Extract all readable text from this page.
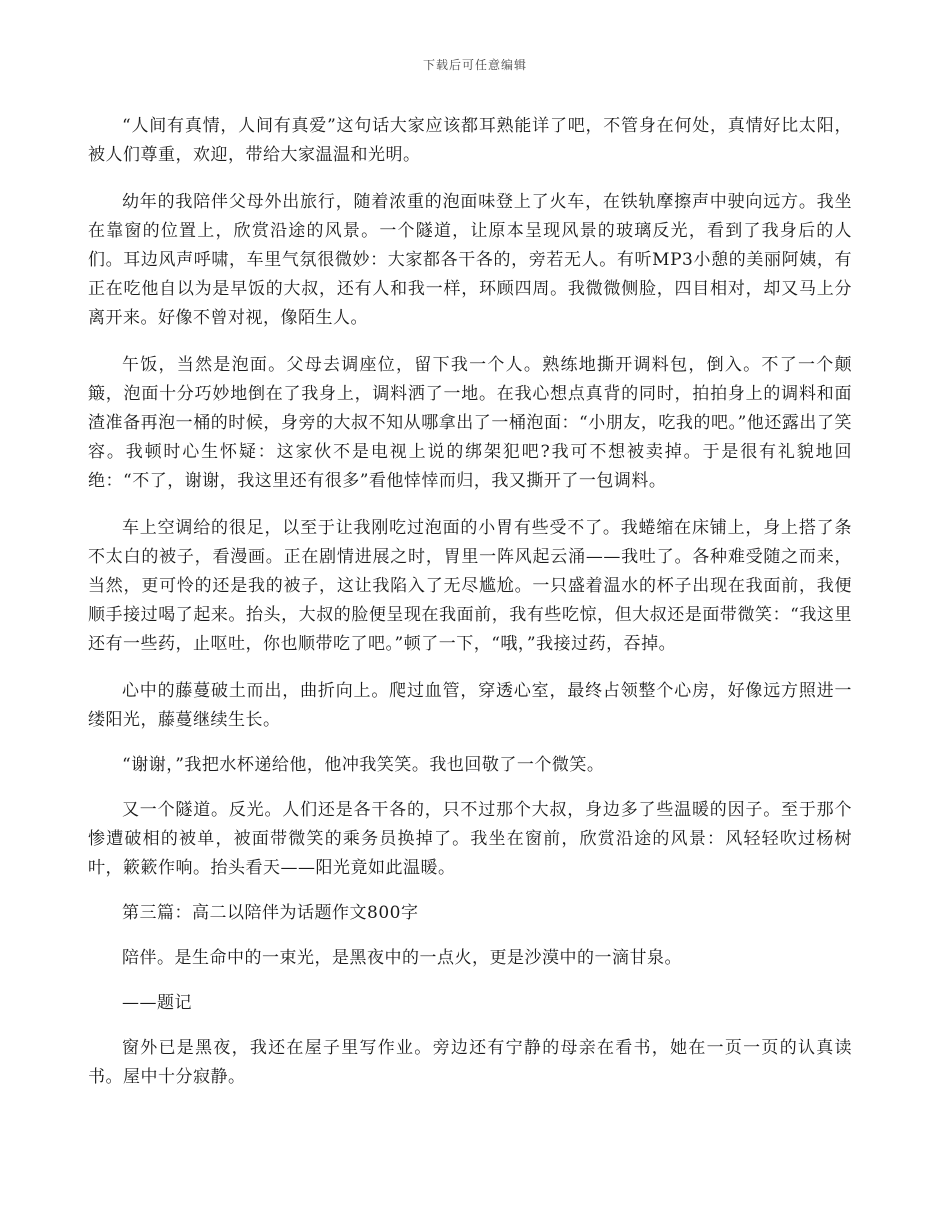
下载后可任意编辑

“人间有真情，人间有真爱”这句话大家应该都耳熟能详了吧，不管身在何处，真情好比太阳，被人们尊重，欢迎，带给大家温温和光明。

幼年的我陪伴父母外出旅行，随着浓重的泡面味登上了火车，在铁轨摩擦声中驶向远方。我坐在靠窗的位置上，欣赏沿途的风景。一个隧道，让原本呈现风景的玻璃反光，看到了我身后的人们。耳边风声呼啸，车里气氛很微妙：大家都各干各的，旁若无人。有听MP3小憩的美丽阿姨，有正在吃他自以为是早饭的大叔，还有人和我一样，环顾四周。我微微侧脸，四目相对，却又马上分离开来。好像不曾对视，像陌生人。

午饭，当然是泡面。父母去调座位，留下我一个人。熟练地撕开调料包，倒入。不了一个颠簸，泡面十分巧妙地倒在了我身上，调料洒了一地。在我心想点真背的同时，拍拍身上的调料和面渣准备再泡一桶的时候，身旁的大叔不知从哪拿出了一桶泡面：“小朋友，吃我的吧。”他还露出了笑容。我顿时心生怀疑：这家伙不是电视上说的绑架犯吧?我可不想被卖掉。于是很有礼貌地回绝：“不了，谢谢，我这里还有很多”看他悻悻而归，我又撕开了一包调料。

车上空调给的很足，以至于让我刚吃过泡面的小胃有些受不了。我蜷缩在床铺上，身上搭了条不太白的被子，看漫画。正在剧情进展之时，胃里一阵风起云涌——我吐了。各种难受随之而来，当然，更可怜的还是我的被子，这让我陷入了无尽尴尬。一只盛着温水的杯子出现在我面前，我便顺手接过喝了起来。抬头，大叔的脸便呈现在我面前，我有些吃惊，但大叔还是面带微笑：“我这里还有一些药，止呕吐，你也顺带吃了吧。”顿了一下，“哦，”我接过药，吞掉。

心中的藤蔓破土而出，曲折向上。爬过血管，穿透心室，最终占领整个心房，好像远方照进一缕阳光，藤蔓继续生长。

“谢谢，”我把水杯递给他，他冲我笑笑。我也回敬了一个微笑。

又一个隧道。反光。人们还是各干各的，只不过那个大叔，身边多了些温暖的因子。至于那个惨遭破相的被单，被面带微笑的乘务员换掉了。我坐在窗前，欣赏沿途的风景：风轻轻吹过杨树叶，簌簌作响。抬头看天——阳光竟如此温暖。

第三篇：高二以陪伴为话题作文800字

陪伴。是生命中的一束光，是黑夜中的一点火，更是沙漠中的一滴甘泉。

——题记

窗外已是黑夜，我还在屋子里写作业。旁边还有宁静的母亲在看书，她在一页一页的认真读书。屋中十分寂静。
